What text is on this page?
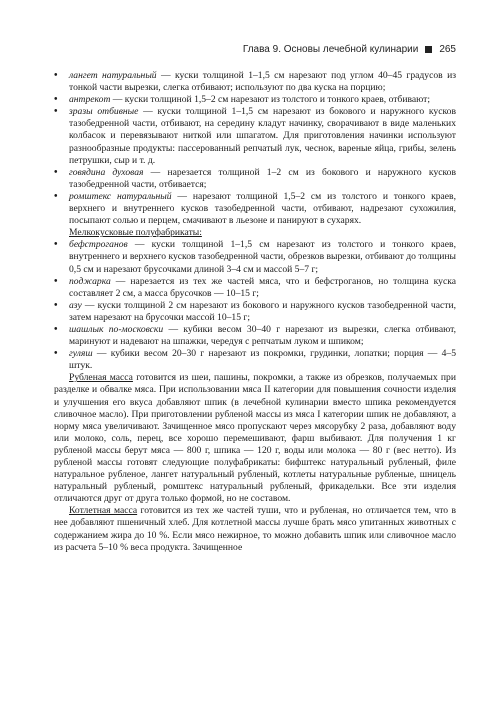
Глава 9. Основы лечебной кулинарии 265

• лангет натуральный — куски толщиной 1–1,5 см нарезают под углом 40–45 градусов из тонкой части вырезки, слегка отбивают; используют по два куска на порцию;

• антрекот — куски толщиной 1,5–2 см нарезают из толстого и тонкого краев, отбивают;

• зразы отбивные — куски толщиной 1–1,5 см нарезают из бокового и наружного кусков тазобедренной части, отбивают, на середину кладут начинку, сворачивают в виде маленьких колбасок и перевязывают ниткой или шпагатом. Для приготовления начинки используют разнообразные продукты: пассерованный репчатый лук, чеснок, вареные яйца, грибы, зелень петрушки, сыр и т. д.

• говядина духовая — нарезается толщиной 1–2 см из бокового и наружного кусков тазобедренной части, отбивается;

• ромштекс натуральный — нарезают толщиной 1,5–2 см из толстого и тонкого краев, верхнего и внутреннего кусков тазобедренной части, отбивают, надрезают сухожилия, посыпают солью и перцем, смачивают в льезоне и панируют в сухарях.

Мелкокусковые полуфабрикаты:

• бефстроганов — куски толщиной 1–1,5 см нарезают из толстого и тонкого краев, внутреннего и верхнего кусков тазобедренной части, обрезков вырезки, отбивают до толщины 0,5 см и нарезают брусочками длиной 3–4 см и массой 5–7 г;

• поджарка — нарезается из тех же частей мяса, что и бефстроганов, но толщина куска составляет 2 см, а масса брусочков — 10–15 г;

• азу — куски толщиной 2 см нарезают из бокового и наружного кусков тазобедренной части, затем нарезают на брусочки массой 10–15 г;

• шашлык по-московски — кубики весом 30–40 г нарезают из вырезки, слегка отбивают, маринуют и надевают на шпажки, чередуя с репчатым луком и шпиком;

• гуляш — кубики весом 20–30 г нарезают из покромки, грудинки, лопатки; порция — 4–5 штук.

Рубленая масса готовится из шеи, пашины, покромки, а также из обрезков, получаемых при разделке и обвалке мяса. При использовании мяса II категории для повышения сочности изделия и улучшения его вкуса добавляют шпик (в лечебной кулинарии вместо шпика рекомендуется сливочное масло). При приготовлении рубленой массы из мяса I категории шпик не добавляют, а норму мяса увеличивают. Зачищенное мясо пропускают через мясорубку 2 раза, добавляют воду или молоко, соль, перец, все хорошо перемешивают, фарш выбивают. Для получения 1 кг рубленой массы берут мяса — 800 г, шпика — 120 г, воды или молока — 80 г (вес нетто). Из рубленой массы готовят следующие полуфабрикаты: бифштекс натуральный рубленый, филе натуральное рубленое, лангет натуральный рубленый, котлеты натуральные рубленые, шницель натуральный рубленый, ромштекс натуральный рубленый, фрикадельки. Все эти изделия отличаются друг от друга только формой, но не составом.

Котлетная масса готовится из тех же частей туши, что и рубленая, но отличается тем, что в нее добавляют пшеничный хлеб. Для котлетной массы лучше брать мясо упитанных животных с содержанием жира до 10 %. Если мясо нежирное, то можно добавить шпик или сливочное масло из расчета 5–10 % веса продукта. Зачищенное
